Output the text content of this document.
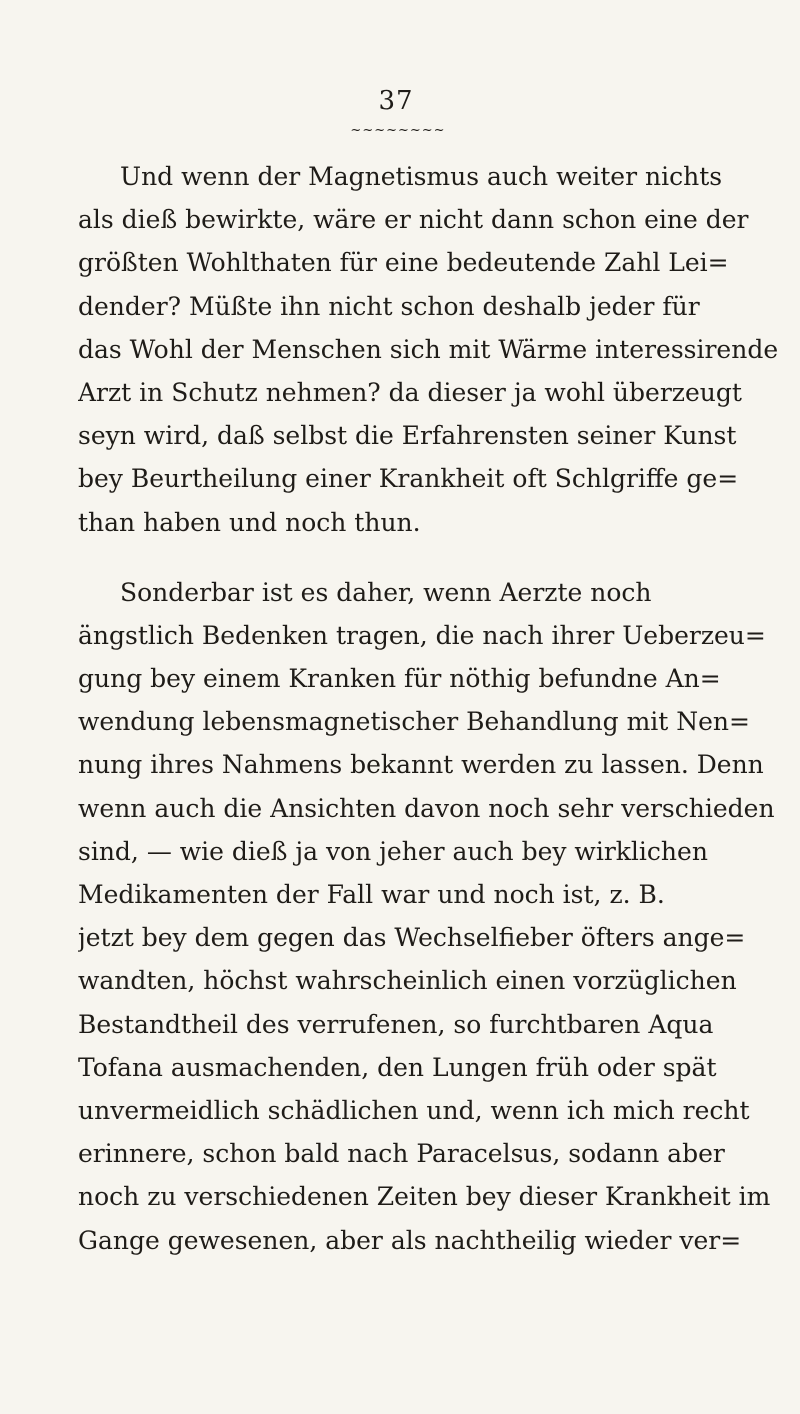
37
~~~~~~~~
Und wenn der Magnetismus auch weiter nichts
als dieß bewirkte, wäre er nicht dann schon eine der
größten Wohlthaten für eine bedeutende Zahl Lei=
dender? Müßte ihn nicht schon deshalb jeder für
das Wohl der Menschen sich mit Wärme interessirende
Arzt in Schutz nehmen? da dieser ja wohl überzeugt
seyn wird, daß selbst die Erfahrensten seiner Kunst
bey Beurtheilung einer Krankheit oft Schlgriffe ge=
than haben und noch thun.
Sonderbar ist es daher, wenn Aerzte noch
ängstlich Bedenken tragen, die nach ihrer Ueberzeu=
gung bey einem Kranken für nöthig befundne An=
wendung lebensmagnetischer Behandlung mit Nen=
nung ihres Nahmens bekannt werden zu lassen. Denn
wenn auch die Ansichten davon noch sehr verschieden
sind, — wie dieß ja von jeher auch bey wirklichen
Medikamenten der Fall war und noch ist, z. B.
jetzt bey dem gegen das Wechselfieber öfters ange=
wandten, höchst wahrscheinlich einen vorzüglichen
Bestandtheil des verrufenen, so furchtbaren Aqua
Tofana ausmachenden, den Lungen früh oder spät
unvermeidlich schädlichen und, wenn ich mich recht
erinnere, schon bald nach Paracelsus, sodann aber
noch zu verschiedenen Zeiten bey dieser Krankheit im
Gange gewesenen, aber als nachtheilig wieder ver=
